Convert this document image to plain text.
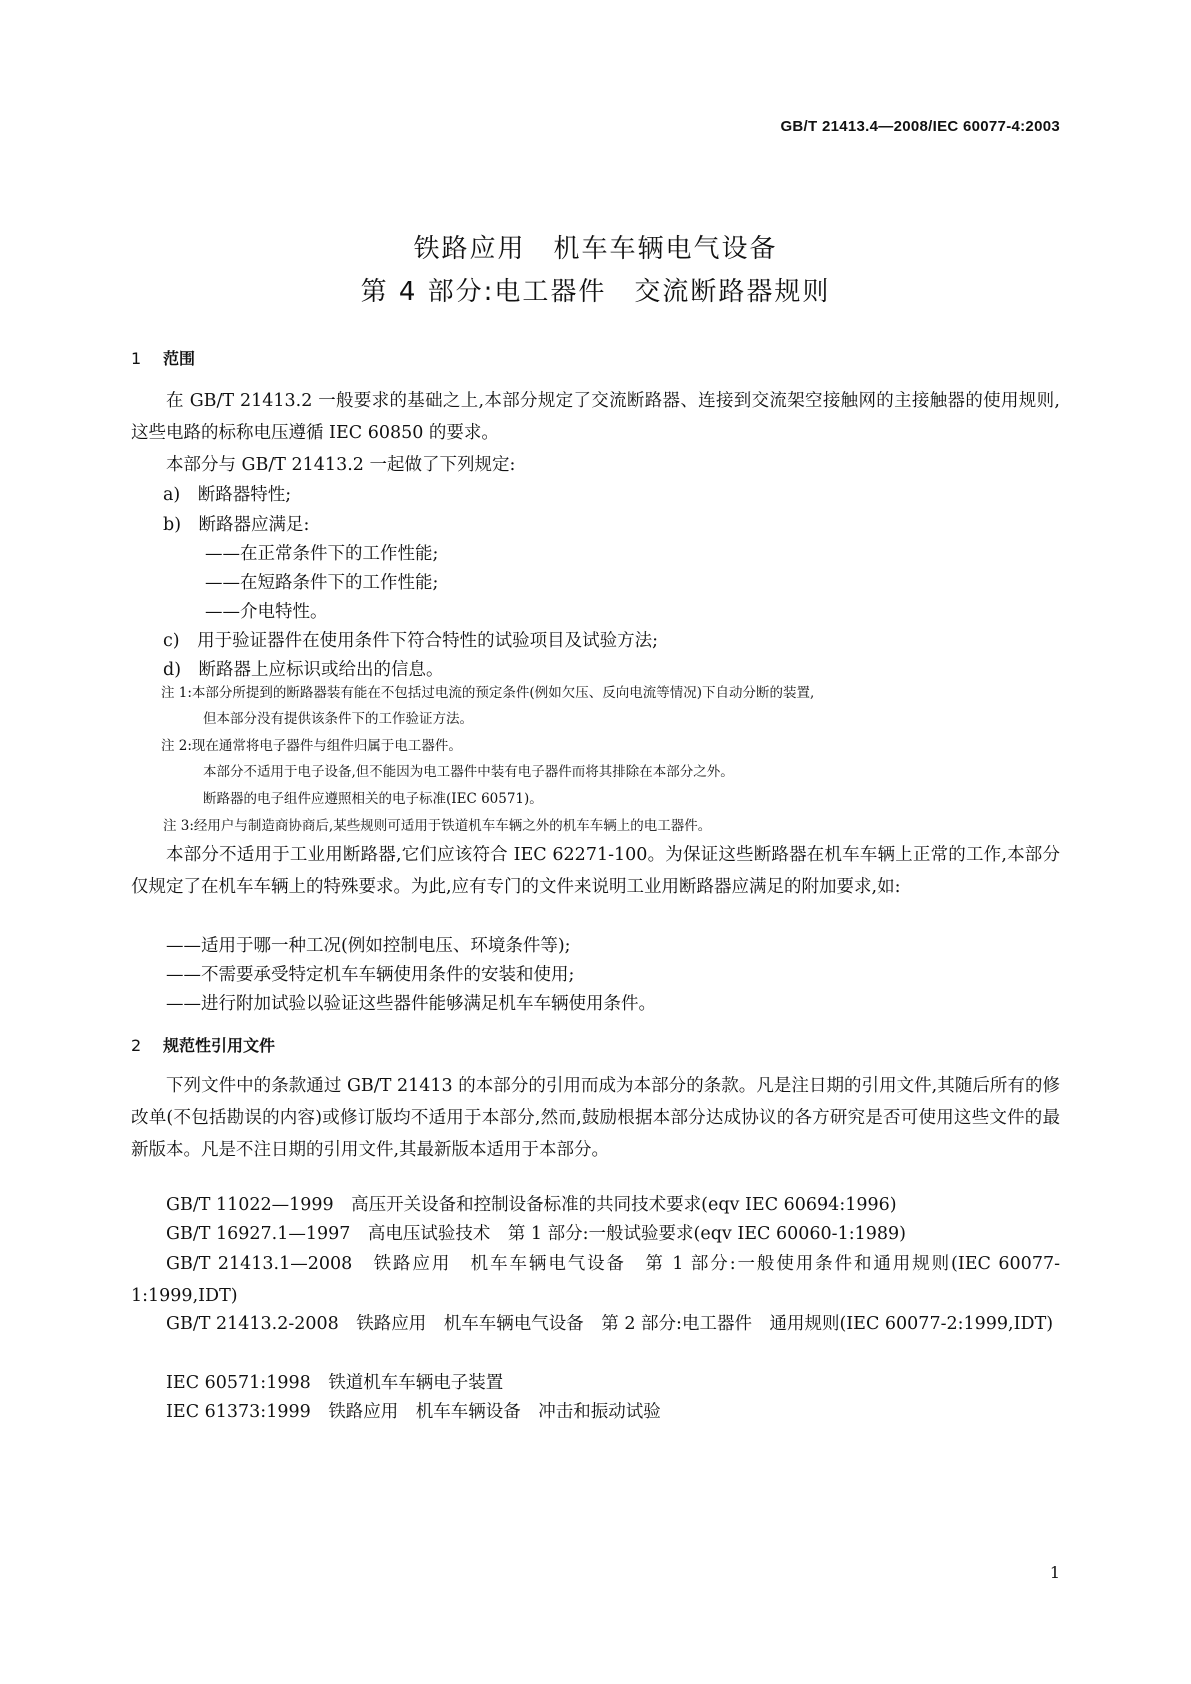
GB/T 21413.4—2008/IEC 60077-4:2003
铁路应用　机车车辆电气设备
第 4 部分:电工器件　交流断路器规则
1 范围
在 GB/T 21413.2 一般要求的基础之上,本部分规定了交流断路器、连接到交流架空接触网的主接触器的使用规则,这些电路的标称电压遵循 IEC 60850 的要求。
本部分与 GB/T 21413.2 一起做了下列规定:
a)　断路器特性;
b)　断路器应满足:
——在正常条件下的工作性能;
——在短路条件下的工作性能;
——介电特性。
c)　用于验证器件在使用条件下符合特性的试验项目及试验方法;
d)　断路器上应标识或给出的信息。
注 1:本部分所提到的断路器装有能在不包括过电流的预定条件(例如欠压、反向电流等情况)下自动分断的装置,
但本部分没有提供该条件下的工作验证方法。
注 2:现在通常将电子器件与组件归属于电工器件。
本部分不适用于电子设备,但不能因为电工器件中装有电子器件而将其排除在本部分之外。
断路器的电子组件应遵照相关的电子标准(IEC 60571)。
注 3:经用户与制造商协商后,某些规则可适用于铁道机车车辆之外的机车车辆上的电工器件。
本部分不适用于工业用断路器,它们应该符合 IEC 62271-100。为保证这些断路器在机车车辆上正常的工作,本部分仅规定了在机车车辆上的特殊要求。为此,应有专门的文件来说明工业用断路器应满足的附加要求,如:
——适用于哪一种工况(例如控制电压、环境条件等);
——不需要承受特定机车车辆使用条件的安装和使用;
——进行附加试验以验证这些器件能够满足机车车辆使用条件。
2 规范性引用文件
下列文件中的条款通过 GB/T 21413 的本部分的引用而成为本部分的条款。凡是注日期的引用文件,其随后所有的修改单(不包括勘误的内容)或修订版均不适用于本部分,然而,鼓励根据本部分达成协议的各方研究是否可使用这些文件的最新版本。凡是不注日期的引用文件,其最新版本适用于本部分。
GB/T 11022—1999　高压开关设备和控制设备标准的共同技术要求(eqv IEC 60694:1996)
GB/T 16927.1—1997　高电压试验技术　第 1 部分:一般试验要求(eqv IEC 60060-1:1989)
GB/T 21413.1—2008　铁路应用　机车车辆电气设备　第 1 部分:一般使用条件和通用规则(IEC 60077-1:1999,IDT)
GB/T 21413.2-2008　铁路应用　机车车辆电气设备　第 2 部分:电工器件　通用规则(IEC 60077-2:1999,IDT)
IEC 60571:1998　铁道机车车辆电子装置
IEC 61373:1999　铁路应用　机车车辆设备　冲击和振动试验
1
